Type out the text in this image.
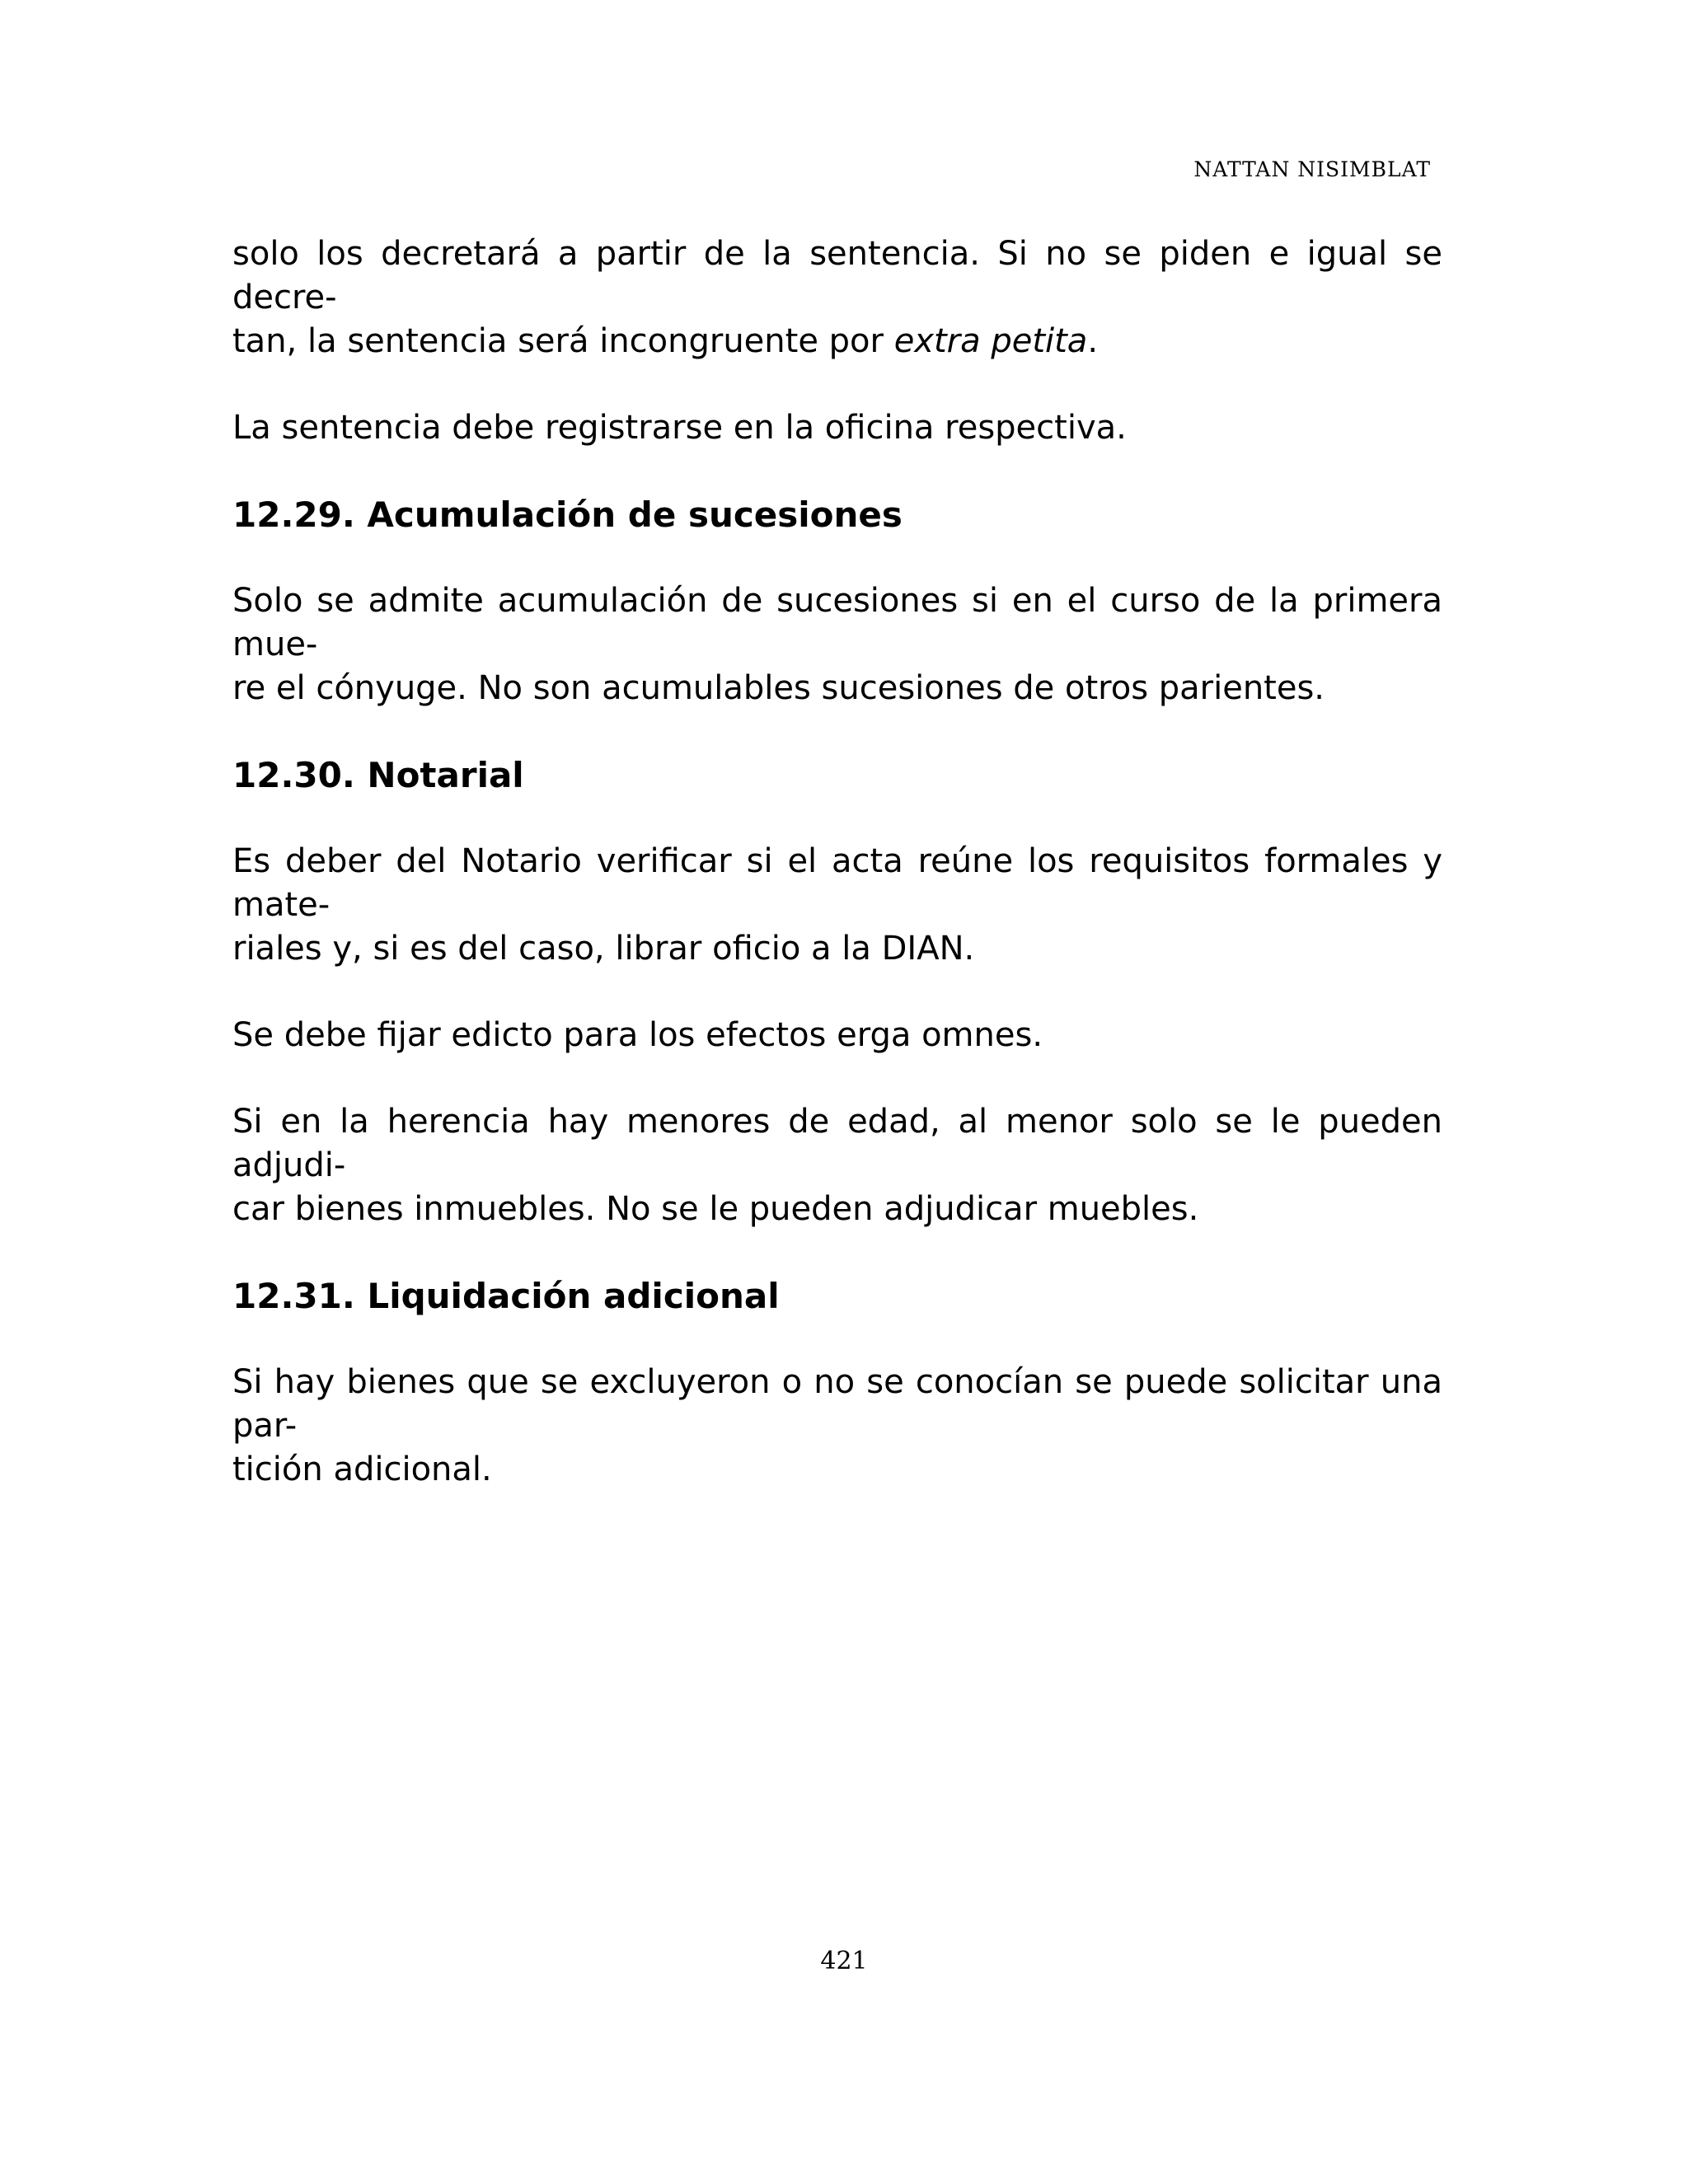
NATTAN NISIMBLAT

solo los decretará a partir de la sentencia. Si no se piden e igual se decre-
tan, la sentencia será incongruente por extra petita.

La sentencia debe registrarse en la oficina respectiva.

12.29. Acumulación de sucesiones

Solo se admite acumulación de sucesiones si en el curso de la primera mue-
re el cónyuge. No son acumulables sucesiones de otros parientes.

12.30. Notarial

Es deber del Notario verificar si el acta reúne los requisitos formales y mate-
riales y, si es del caso, librar oficio a la DIAN.

Se debe fijar edicto para los efectos erga omnes.

Si en la herencia hay menores de edad, al menor solo se le pueden adjudi-
car bienes inmuebles. No se le pueden adjudicar muebles.

12.31. Liquidación adicional

Si hay bienes que se excluyeron o no se conocían se puede solicitar una par-
tición adicional.

421
